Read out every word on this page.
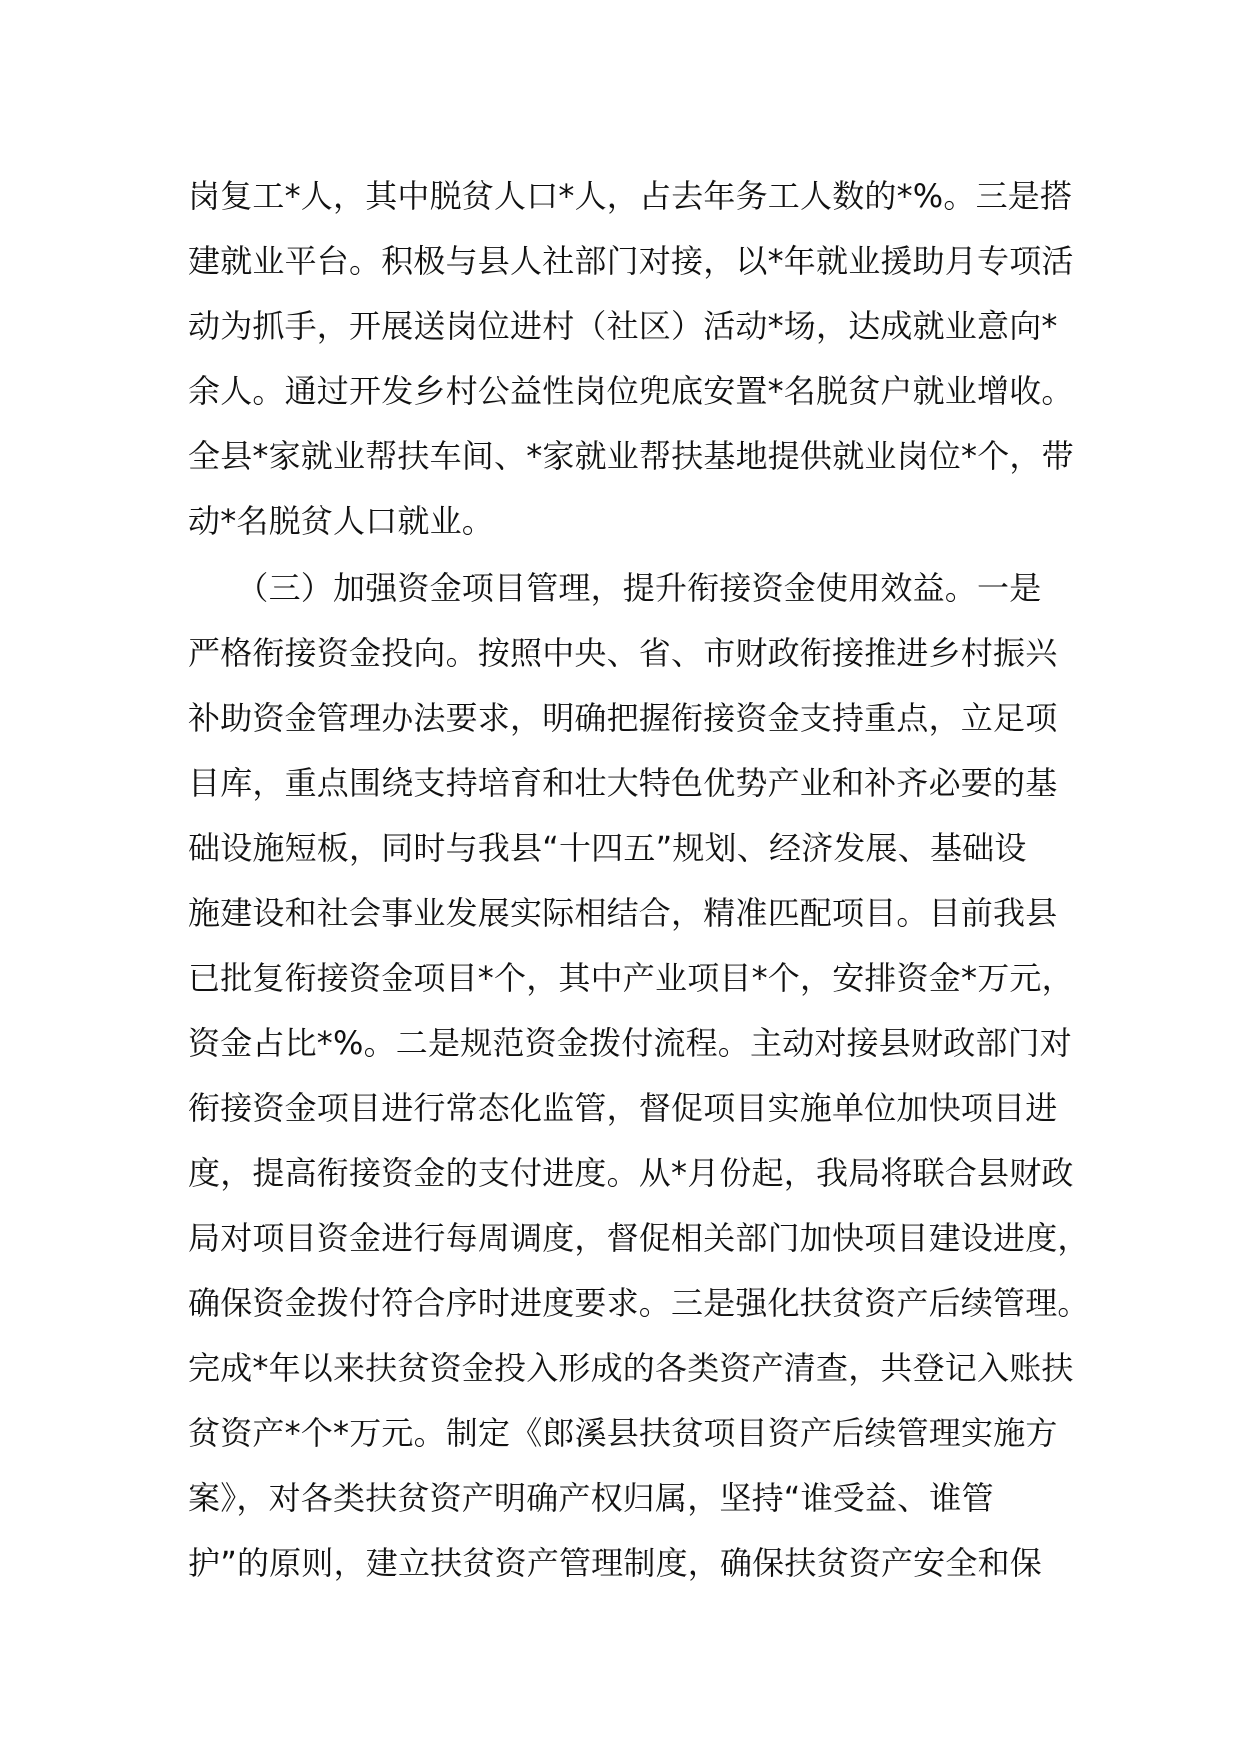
岗复工*人，其中脱贫人口*人，占去年务工人数的*%。三是搭
建就业平台。积极与县人社部门对接，以*年就业援助月专项活
动为抓手，开展送岗位进村（社区）活动*场，达成就业意向*
余人。通过开发乡村公益性岗位兜底安置*名脱贫户就业增收。
全县*家就业帮扶车间、*家就业帮扶基地提供就业岗位*个，带
动*名脱贫人口就业。
　　（三）加强资金项目管理，提升衔接资金使用效益。一是
严格衔接资金投向。按照中央、省、市财政衔接推进乡村振兴
补助资金管理办法要求，明确把握衔接资金支持重点，立足项
目库，重点围绕支持培育和壮大特色优势产业和补齐必要的基
础设施短板，同时与我县“十四五”规划、经济发展、基础设
施建设和社会事业发展实际相结合，精准匹配项目。目前我县
已批复衔接资金项目*个，其中产业项目*个，安排资金*万元，
资金占比*%。二是规范资金拨付流程。主动对接县财政部门对
衔接资金项目进行常态化监管，督促项目实施单位加快项目进
度，提高衔接资金的支付进度。从*月份起，我局将联合县财政
局对项目资金进行每周调度，督促相关部门加快项目建设进度，
确保资金拨付符合序时进度要求。三是强化扶贫资产后续管理。
完成*年以来扶贫资金投入形成的各类资产清查，共登记入账扶
贫资产*个*万元。制定《郎溪县扶贫项目资产后续管理实施方
案》，对各类扶贫资产明确产权归属，坚持“谁受益、谁管
护”的原则，建立扶贫资产管理制度，确保扶贫资产安全和保
